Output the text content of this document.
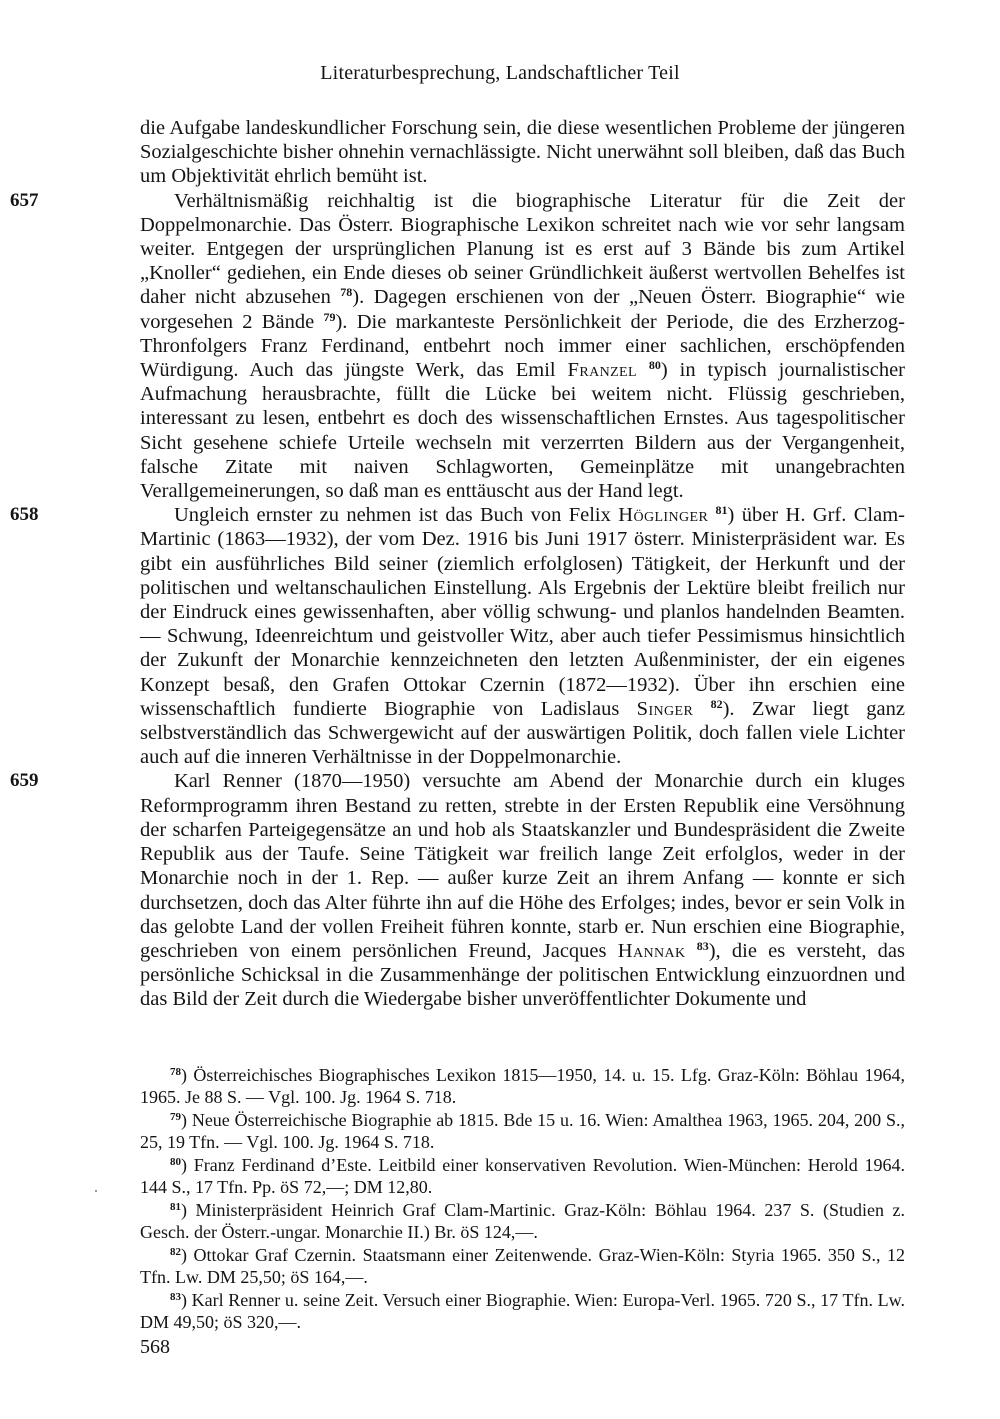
Literaturbesprechung, Landschaftlicher Teil

die Aufgabe landeskundlicher Forschung sein, die diese wesentlichen Probleme der jüngeren Sozialgeschichte bisher ohnehin vernachlässigte. Nicht unerwähnt soll bleiben, daß das Buch um Objektivität ehrlich bemüht ist.

657	Verhältnismäßig reichhaltig ist die biographische Literatur für die Zeit der Doppelmonarchie. Das Österr. Biographische Lexikon schreitet nach wie vor sehr langsam weiter. Entgegen der ursprünglichen Planung ist es erst auf 3 Bände bis zum Artikel „Knoller“ gediehen, ein Ende dieses ob seiner Gründlichkeit äußerst wertvollen Behelfes ist daher nicht abzusehen $^{78}$). Dagegen erschienen von der „Neuen Österr. Biographie“ wie vorgesehen 2 Bände $^{79}$). Die markanteste Persönlichkeit der Periode, die des Erzherzog-Thronfolgers Franz Ferdinand, entbehrt noch immer einer sachlichen, erschöpfenden Würdigung. Auch das jüngste Werk, das Emil Franzel $^{80}$) in typisch journalistischer Aufmachung herausbrachte, füllt die Lücke bei weitem nicht. Flüssig geschrieben, interessant zu lesen, entbehrt es doch des wissenschaftlichen Ernstes. Aus tagespolitischer Sicht gesehene schiefe Urteile wechseln mit verzerrten Bildern aus der Vergangenheit, falsche Zitate mit naiven Schlagworten, Gemeinplätze mit unangebrachten Verallgemeinerungen, so daß man es enttäuscht aus der Hand legt.

658	Ungleich ernster zu nehmen ist das Buch von Felix Höglinger $^{81}$) über H. Grf. Clam-Martinic (1863—1932), der vom Dez. 1916 bis Juni 1917 österr. Ministerpräsident war. Es gibt ein ausführliches Bild seiner (ziemlich erfolglosen) Tätigkeit, der Herkunft und der politischen und weltanschaulichen Einstellung. Als Ergebnis der Lektüre bleibt freilich nur der Eindruck eines gewissenhaften, aber völlig schwung- und planlos handelnden Beamten. — Schwung, Ideenreichtum und geistvoller Witz, aber auch tiefer Pessimismus hinsichtlich der Zukunft der Monarchie kennzeichneten den letzten Außenminister, der ein eigenes Konzept besaß, den Grafen Ottokar Czernin (1872—1932). Über ihn erschien eine wissenschaftlich fundierte Biographie von Ladislaus Singer $^{82}$). Zwar liegt ganz selbstverständlich das Schwergewicht auf der auswärtigen Politik, doch fallen viele Lichter auch auf die inneren Verhältnisse in der Doppelmonarchie.

659	Karl Renner (1870—1950) versuchte am Abend der Monarchie durch ein kluges Reformprogramm ihren Bestand zu retten, strebte in der Ersten Republik eine Versöhnung der scharfen Parteigegensätze an und hob als Staatskanzler und Bundespräsident die Zweite Republik aus der Taufe. Seine Tätigkeit war freilich lange Zeit erfolglos, weder in der Monarchie noch in der 1. Rep. — außer kurze Zeit an ihrem Anfang — konnte er sich durchsetzen, doch das Alter führte ihn auf die Höhe des Erfolges; indes, bevor er sein Volk in das gelobte Land der vollen Freiheit führen konnte, starb er. Nun erschien eine Biographie, geschrieben von einem persönlichen Freund, Jacques Hannak $^{83}$), die es versteht, das persönliche Schicksal in die Zusammenhänge der politischen Entwicklung einzuordnen und das Bild der Zeit durch die Wiedergabe bisher unveröffentlichter Dokumente und

$^{78}$) Österreichisches Biographisches Lexikon 1815—1950, 14. u. 15. Lfg. Graz-Köln: Böhlau 1964, 1965. Je 88 S. — Vgl. 100. Jg. 1964 S. 718.

$^{79}$) Neue Österreichische Biographie ab 1815. Bde 15 u. 16. Wien: Amalthea 1963, 1965. 204, 200 S., 25, 19 Tfn. — Vgl. 100. Jg. 1964 S. 718.

$^{80}$) Franz Ferdinand d’Este. Leitbild einer konservativen Revolution. Wien-München: Herold 1964. 144 S., 17 Tfn. Pp. öS 72,—; DM 12,80.

$^{81}$) Ministerpräsident Heinrich Graf Clam-Martinic. Graz-Köln: Böhlau 1964. 237 S. (Studien z. Gesch. der Österr.-ungar. Monarchie II.) Br. öS 124,—.

$^{82}$) Ottokar Graf Czernin. Staatsmann einer Zeitenwende. Graz-Wien-Köln: Styria 1965. 350 S., 12 Tfn. Lw. DM 25,50; öS 164,—.

$^{83}$) Karl Renner u. seine Zeit. Versuch einer Biographie. Wien: Europa-Verl. 1965. 720 S., 17 Tfn. Lw. DM 49,50; öS 320,—.

568
